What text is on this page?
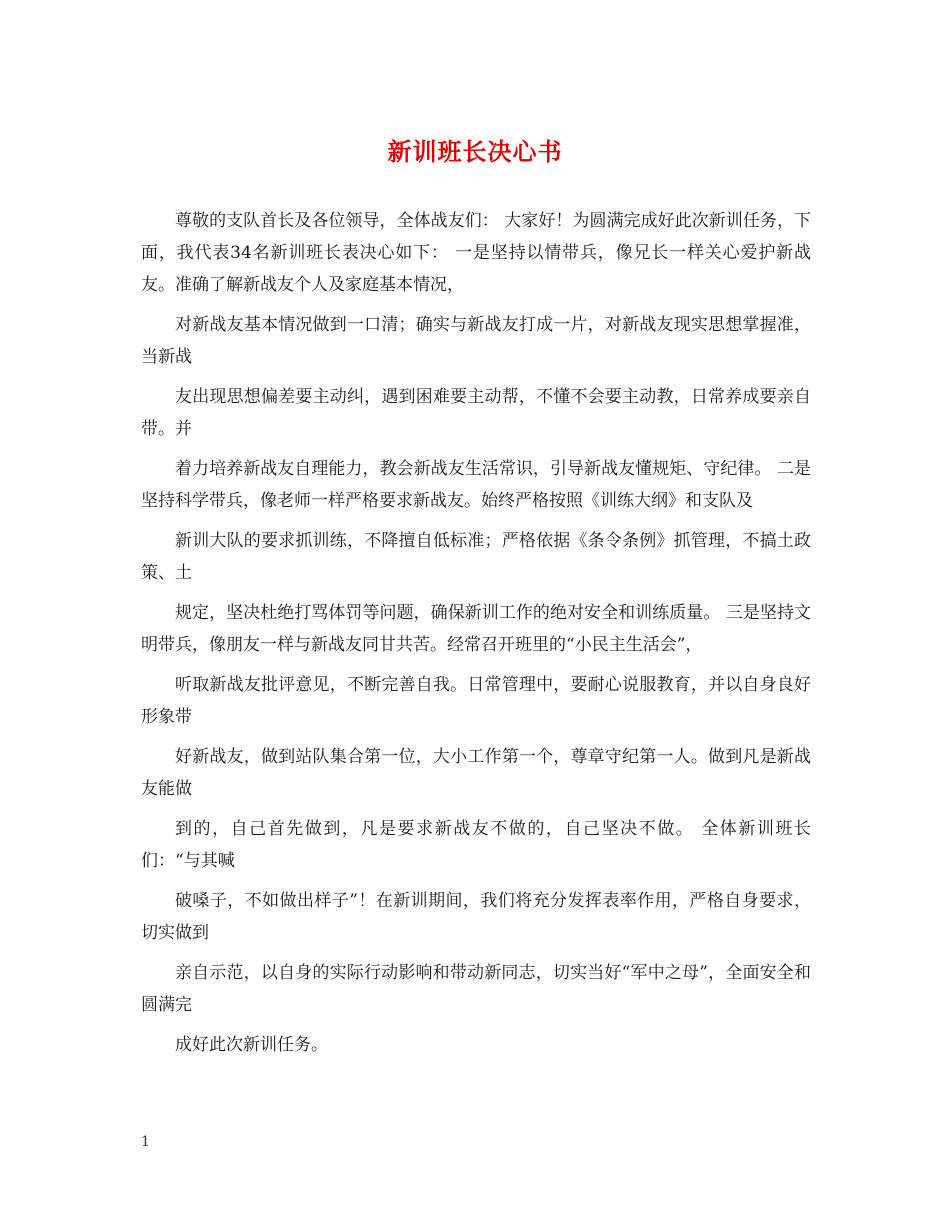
新训班长决心书

尊敬的支队首长及各位领导，全体战友们： 大家好！为圆满完成好此次新训任务，下面，我代表34名新训班长表决心如下： 一是坚持以情带兵，像兄长一样关心爱护新战友。准确了解新战友个人及家庭基本情况，

对新战友基本情况做到一口清；确实与新战友打成一片，对新战友现实思想掌握准，当新战

友出现思想偏差要主动纠，遇到困难要主动帮，不懂不会要主动教，日常养成要亲自带。并

着力培养新战友自理能力，教会新战友生活常识，引导新战友懂规矩、守纪律。 二是坚持科学带兵，像老师一样严格要求新战友。始终严格按照《训练大纲》和支队及

新训大队的要求抓训练，不降擅自低标准；严格依据《条令条例》抓管理，不搞土政策、土

规定，坚决杜绝打骂体罚等问题，确保新训工作的绝对安全和训练质量。 三是坚持文明带兵，像朋友一样与新战友同甘共苦。经常召开班里的“小民主生活会”，

听取新战友批评意见，不断完善自我。日常管理中，要耐心说服教育，并以自身良好形象带

好新战友，做到站队集合第一位，大小工作第一个，尊章守纪第一人。做到凡是新战友能做

到的，自己首先做到，凡是要求新战友不做的，自己坚决不做。 全体新训班长们：“与其喊

破嗓子，不如做出样子”！在新训期间，我们将充分发挥表率作用，严格自身要求，切实做到

亲自示范，以自身的实际行动影响和带动新同志，切实当好“军中之母”，全面安全和圆满完

成好此次新训任务。

1
